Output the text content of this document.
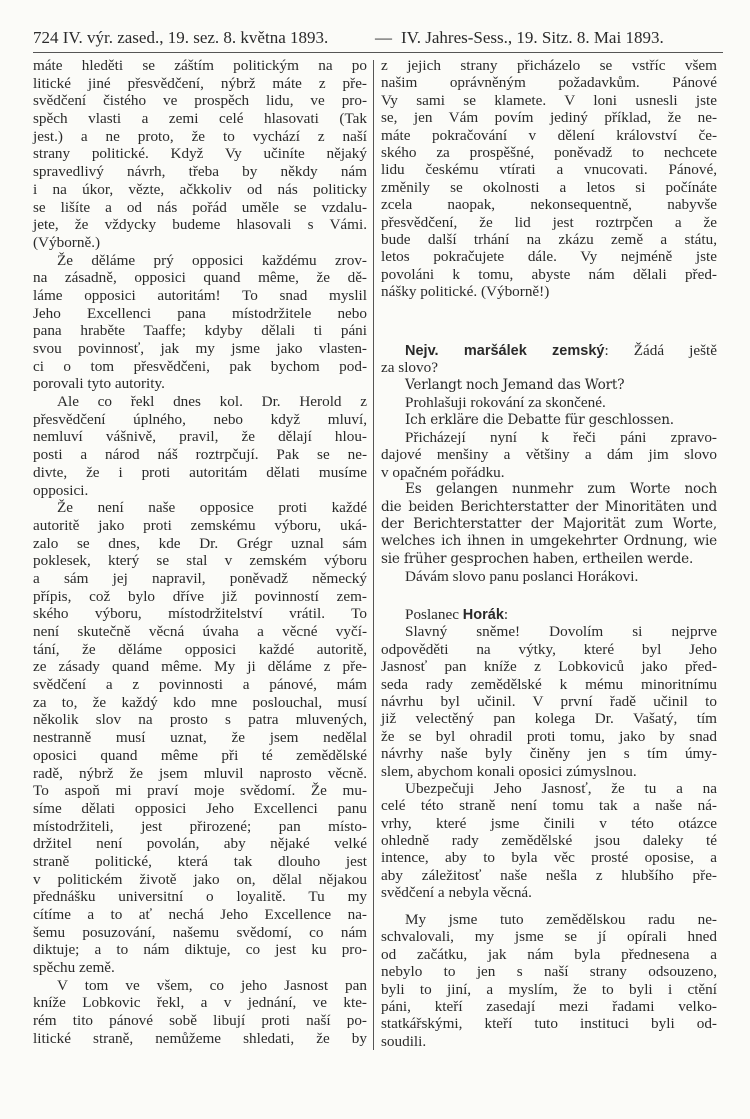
724 IV. výr. zased., 19. sez. 8. května 1893.	— IV. Jahres-Sess., 19. Sitz. 8. Mai 1893.
máte hleděti se záštím politickým na po
litické jiné přesvědčení, nýbrž máte z pře-
svědčení čistého ve prospěch lidu, ve pro-
spěch vlasti a zemi celé hlasovati (Tak
jest.) a ne proto, že to vychází z naší
strany politické. Když Vy učiníte nějaký
spravedlivý návrh, třeba by někdy nám
i na úkor, vězte, ačkkoliv od nás politicky
se lišíte a od nás pořád uměle se vzdalu-
jete, že vždycky budeme hlasovali s Vámi.
(Výborně.)
Že děláme prý opposici každému zrov-
na zásadně, opposici quand même, že dě-
láme opposici autoritám! To snad myslil
Jeho Excellenci pana místodržitele nebo
pana hraběte Taaffe; kdyby dělali ti páni
svou povinnosť, jak my jsme jako vlasten-
ci o tom přesvědčeni, pak bychom pod-
porovali tyto autority.
Ale co řekl dnes kol. Dr. Herold z
přesvědčení úplného, nebo když mluví,
nemluví vášnivě, pravil, že dělají hlou-
posti a národ náš roztrpčují. Pak se ne-
divte, že i proti autoritám dělati musíme
opposici.
Že není naše opposice proti každé
autoritě jako proti zemskému výboru, uká-
zalo se dnes, kde Dr. Grégr uznal sám
poklesek, který se stal v zemském výboru
a sám jej napravil, poněvadž německý
přípis, což bylo dříve již povinností zem-
ského výboru, místodržitelství vrátil. To
není skutečně věcná úvaha a věcné vyčí-
tání, že děláme opposici každé autoritě,
ze zásady quand même. My ji děláme z pře-
svědčení a z povinnosti a pánové, mám
za to, že každý kdo mne poslouchal, musí
několik slov na prosto s patra mluvených,
nestranně musí uznat, že jsem nedělal
oposici quand même při té zemědělské
radě, nýbrž že jsem mluvil naprosto věcně.
To aspoň mi praví moje svědomí. Že mu-
síme dělati opposici Jeho Excellenci panu
místodržiteli, jest přirozené; pan místo-
držitel není povolán, aby nějaké velké
straně politické, která tak dlouho jest
v politickém životě jako on, dělal nějakou
přednášku universitní o loyalitě. Tu my
cítíme a to ať nechá Jeho Excellence na-
šemu posuzování, našemu svědomí, co nám
diktuje; a to nám diktuje, co jest ku pro-
spěchu země.
V tom ve všem, co jeho Jasnost pan
kníže Lobkovic řekl, a v jednání, ve kte-
rém tito pánové sobě libují proti naší po-
litické straně, nemůžeme shledati, že by
z jejich strany přicházelo se vstříc všem
našim oprávněným požadavkům. Pánové
Vy sami se klamete. V loni usnesli jste
se, jen Vám povím jediný příklad, že ne-
máte pokračování v dělení království če-
ského za prospěšné, poněvadž to nechcete
lidu českému vtírati a vnucovati. Pánové,
změnily se okolnosti a letos si počínáte
zcela naopak, nekonsequentně, nabyvše
přesvědčení, že lid jest roztrpčen a že
bude další trhání na zkázu země a státu,
letos pokračujete dále. Vy nejméně jste
povoláni k tomu, abyste nám dělali před-
nášky politické. (Výborně!)
Nejv. maršálek zemský: Žádá ještě
za slovo?
Verlangt noch Jemand das Wort?
Prohlašuji rokování za skončené.
Ich erkläre die Debatte für geschlossen.
Přicházejí nyní k řeči páni zpravo-
dajové menšiny a většiny a dám jim slovo
v opačném pořádku.
Es gelangen nunmehr zum Worte noch
die beiden Berichterstatter der Minoritäten und
der Berichterstatter der Majorität zum Worte,
welches ich ihnen in umgekehrter Ordnung, wie
sie früher gesprochen haben, ertheilen werde.
Dávám slovo panu poslanci Horákovi.
Poslanec Horák:
Slavný sněme! Dovolím si nejprve
odpověděti na výtky, které byl Jeho
Jasnosť pan kníže z Lobkoviců jako před-
seda rady zemědělské k mému minoritnímu
návrhu byl učinil. V první řadě učinil to
již velectěný pan kolega Dr. Vašatý, tím
že se byl ohradil proti tomu, jako by snad
návrhy naše byly činěny jen s tím úmy-
slem, abychom konali oposici zúmyslnou.
Ubezpečuji Jeho Jasnosť, že tu a na
celé této straně není tomu tak a naše ná-
vrhy, které jsme činili v této otázce
ohledně rady zemědělské jsou daleky té
intence, aby to byla věc prosté oposise, a
aby záležitosť naše nešla z hlubšího pře-
svědčení a nebyla věcná.
My jsme tuto zemědělskou radu ne-
schvalovali, my jsme se jí opírali hned
od začátku, jak nám byla přednesena a
nebylo to jen s naší strany odsouzeno,
byli to jiní, a myslím, že to byli i ctění
páni, kteří zasedají mezi řadami velko-
statkářskými, kteří tuto instituci byli od-
soudili.
